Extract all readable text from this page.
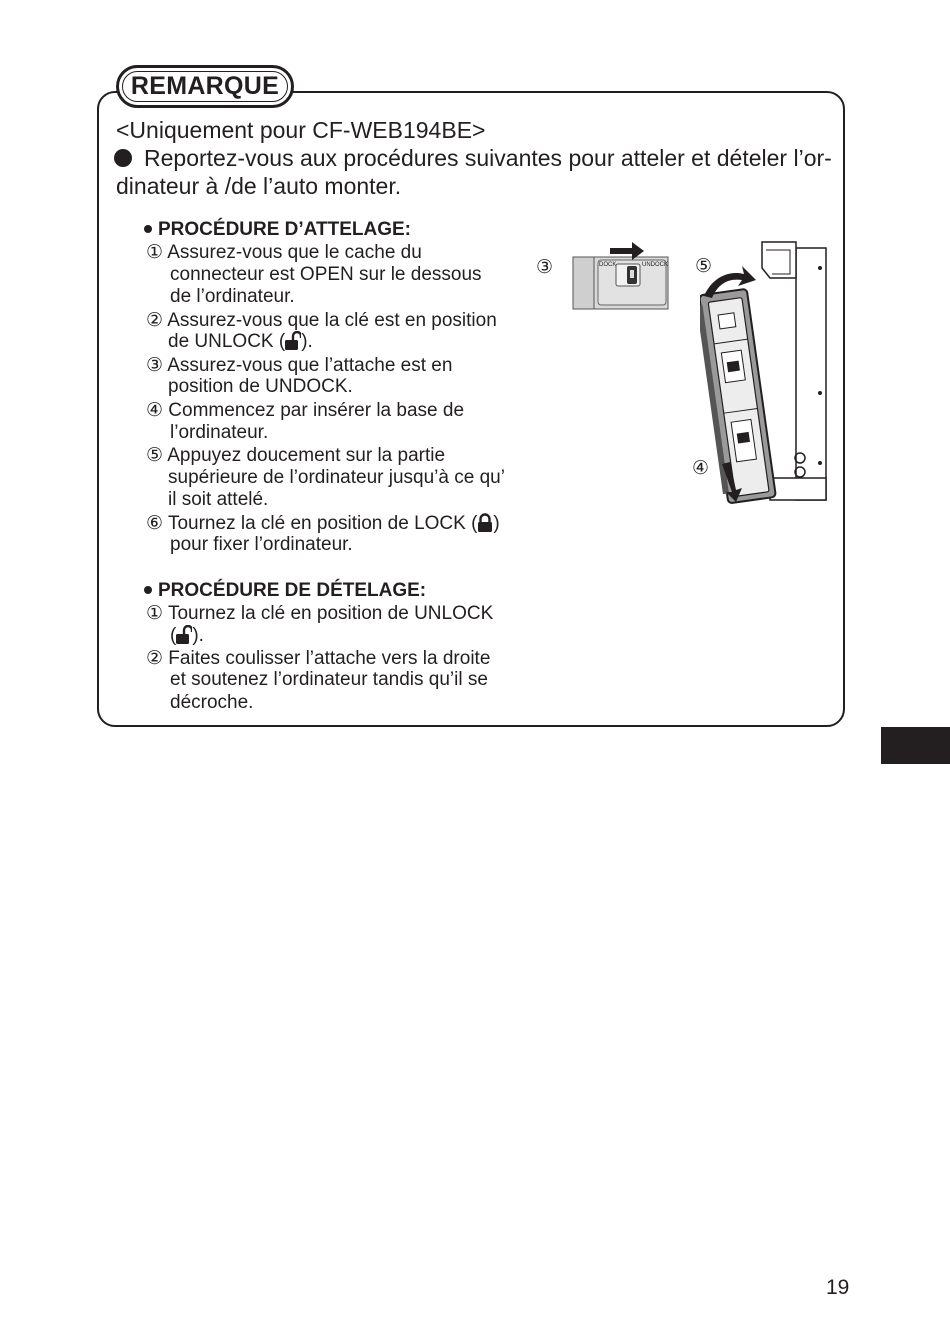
REMARQUE
<Uniquement pour CF-WEB194BE>
Reportez-vous aux procédures suivantes pour atteler et dételer l’or-
dinateur à /de l’auto monter.
PROCÉDURE D’ATTELAGE:
① Assurez-vous que le cache du
connecteur est OPEN sur le dessous
de l’ordinateur.
② Assurez-vous que la clé est en position
de UNLOCK ( ).
③ Assurez-vous que l’attache est en
position de UNDOCK.
④ Commencez par insérer la base de
l’ordinateur.
⑤ Appuyez doucement sur la partie
supérieure de l’ordinateur jusqu’à ce qu’
il soit attelé.
⑥ Tournez la clé en position de LOCK ( )
pour fixer l’ordinateur.
PROCÉDURE DE DÉTELAGE:
① Tournez la clé en position de UNLOCK
( ).
② Faites coulisser l’attache vers la droite
et soutenez l’ordinateur tandis qu’il se
décroche.
③	⑤
④
DOCK	UNDOCK
19
